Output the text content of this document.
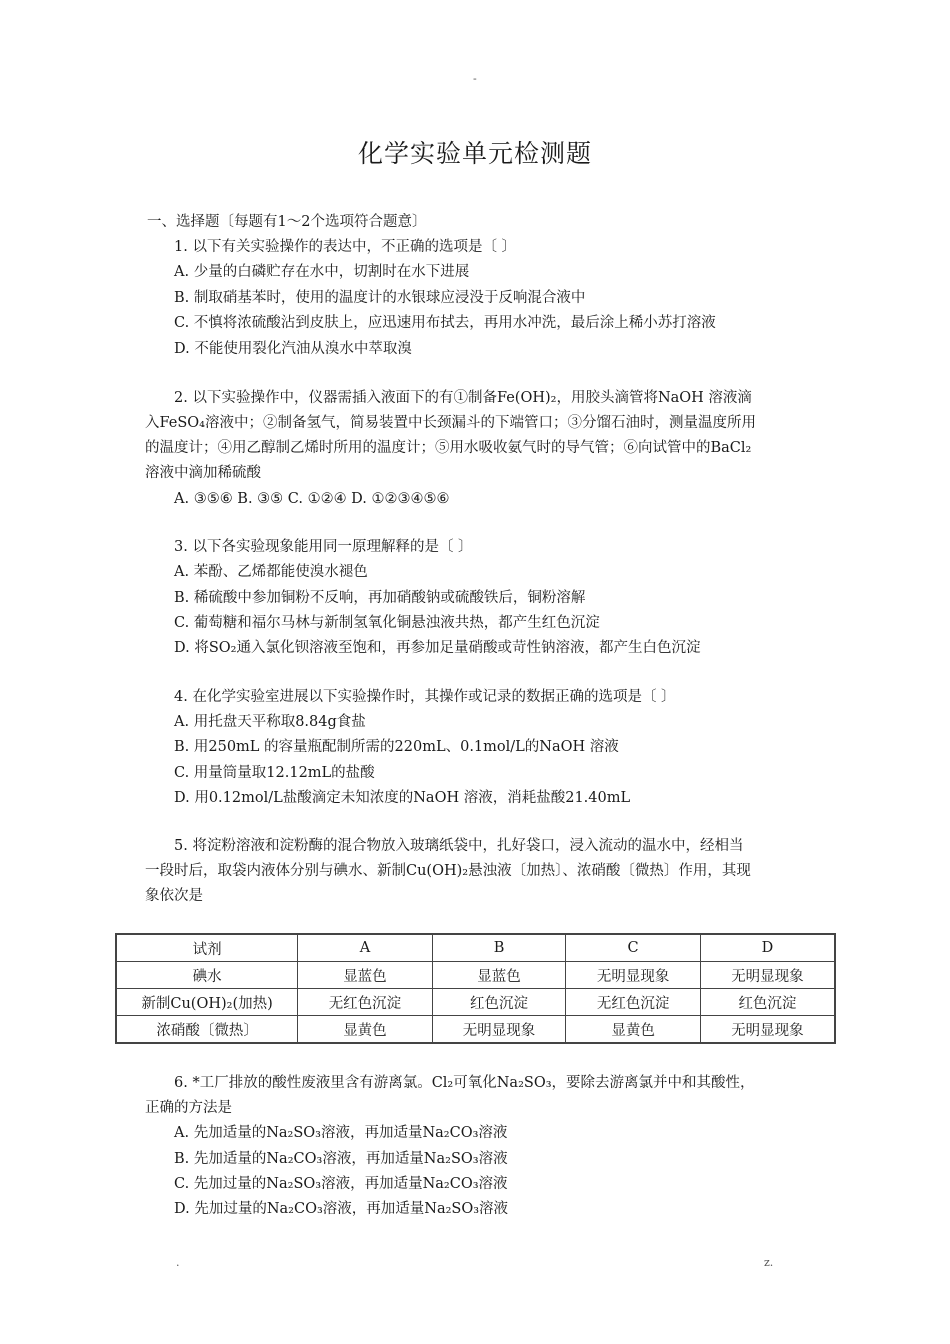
-
化学实验单元检测题
一、选择题〔每题有1～2个选项符合题意〕
1. 以下有关实验操作的表达中，不正确的选项是〔 〕
A. 少量的白磷贮存在水中，切割时在水下进展
B. 制取硝基苯时，使用的温度计的水银球应浸没于反响混合液中
C. 不慎将浓硫酸沾到皮肤上，应迅速用布拭去，再用水冲洗，最后涂上稀小苏打溶液
D. 不能使用裂化汽油从溴水中萃取溴
2. 以下实验操作中，仪器需插入液面下的有①制备Fe(OH)₂，用胶头滴管将NaOH 溶液滴
入FeSO₄溶液中；②制备氢气，简易装置中长颈漏斗的下端管口；③分馏石油时，测量温度所用
的温度计；④用乙醇制乙烯时所用的温度计；⑤用水吸收氨气时的导气管；⑥向试管中的BaCl₂
溶液中滴加稀硫酸
A. ③⑤⑥ B. ③⑤ C. ①②④ D. ①②③④⑤⑥
3. 以下各实验现象能用同一原理解释的是〔 〕
A. 苯酚、乙烯都能使溴水褪色
B. 稀硫酸中参加铜粉不反响，再加硝酸钠或硫酸铁后，铜粉溶解
C. 葡萄糖和福尔马林与新制氢氧化铜悬浊液共热，都产生红色沉淀
D. 将SO₂通入氯化钡溶液至饱和，再参加足量硝酸或苛性钠溶液，都产生白色沉淀
4. 在化学实验室进展以下实验操作时，其操作或记录的数据正确的选项是〔 〕
A. 用托盘天平称取8.84g食盐
B. 用250mL 的容量瓶配制所需的220mL、0.1mol/L的NaOH 溶液
C. 用量筒量取12.12mL的盐酸
D. 用0.12mol/L盐酸滴定未知浓度的NaOH 溶液，消耗盐酸21.40mL
5. 将淀粉溶液和淀粉酶的混合物放入玻璃纸袋中，扎好袋口，浸入流动的温水中，经相当
一段时后，取袋内液体分别与碘水、新制Cu(OH)₂悬浊液〔加热〕、浓硝酸〔微热〕作用，其现
象依次是
试剂	A	B	C	D
碘水	显蓝色	显蓝色	无明显现象	无明显现象
新制Cu(OH)₂(加热)	无红色沉淀	红色沉淀	无红色沉淀	红色沉淀
浓硝酸〔微热〕	显黄色	无明显现象	显黄色	无明显现象
6. *工厂排放的酸性废液里含有游离氯。Cl₂可氧化Na₂SO₃，要除去游离氯并中和其酸性，
正确的方法是
A. 先加适量的Na₂SO₃溶液，再加适量Na₂CO₃溶液
B. 先加适量的Na₂CO₃溶液，再加适量Na₂SO₃溶液
C. 先加过量的Na₂SO₃溶液，再加适量Na₂CO₃溶液
D. 先加过量的Na₂CO₃溶液，再加适量Na₂SO₃溶液
.	z.
